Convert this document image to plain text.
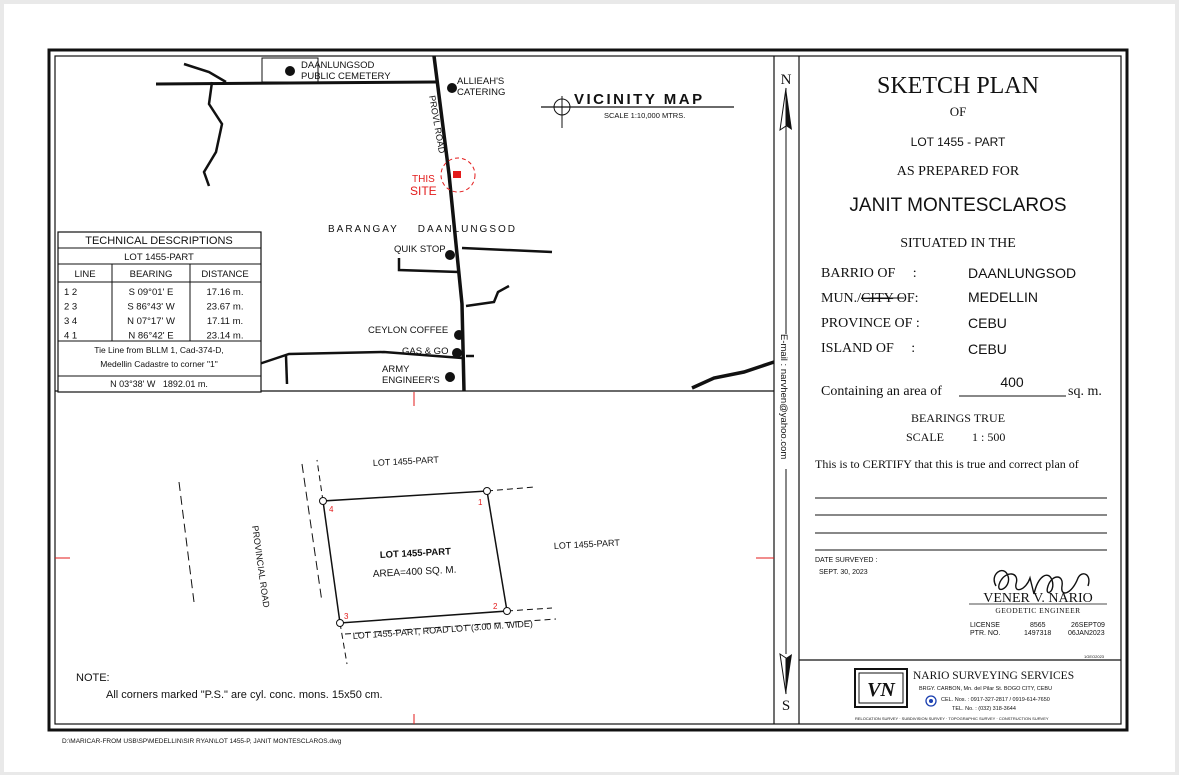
PROVL ROAD
DAANLUNGSOD
PUBLIC CEMETERY	ALLIEAH'S
CATERING
QUIK STOP
CEYLON COFFEE
GAS & GO
ARMY
ENGINEER'S
THIS
SITE
BARANGAY    DAANLUNGSOD
VICINITY MAP
SCALE 1:10,000 MTRS.
TECHNICAL DESCRIPTIONS
LOT 1455-PART
LINE	BEARING	DISTANCE
1 2	S 09°01' E	17.16 m.
2 3	S 86°43' W	23.67 m.
3 4	N 07°17' W	17.11 m.
4 1	N 86°42' E	23.14 m.
Tie Line from BLLM 1, Cad-374-D,
Medellin Cadastre to corner "1"
N 03°38' W   1892.01 m.
PROVINCIAL ROAD
1
2
3
4
LOT 1455-PART
LOT 1455-PART
LOT 1455-PART
AREA=400 SQ. M.
LOT 1455-PART, ROAD LOT (3.00 M. WIDE)
NOTE:
All corners marked "P.S." are cyl. conc. mons. 15x50 cm.
N
E-mail : narvhen@yahoo.com
S
SKETCH PLAN
OF
LOT 1455 - PART
AS PREPARED FOR
JANIT MONTESCLAROS
SITUATED IN THE
BARRIO OF     :	DAANLUNGSOD
MUN./CITY OF:	MEDELLIN
PROVINCE OF :	CEBU
ISLAND OF     :	CEBU
Containing an area of
400
sq. m.
BEARINGS TRUE
SCALE 1 : 500
This is to CERTIFY that this is true and correct plan of
DATE SURVEYED :
SEPT. 30, 2023
VENER V. NARIO
GEODETIC ENGINEER
LICENSE	8565	26SEPT09
PTR. NO.	1497318 06JAN2023
1GEO2023
VN
NARIO SURVEYING SERVICES
BRGY. CARBON, Mn. del Pilar St. BOGO CITY, CEBU
CEL. Nos. : 0917-327-2817 / 0919-614-7650
TEL. No. : (032) 318-3644
RELOCATION SURVEY · SUBDIVISION SURVEY · TOPOGRAPHIC SURVEY · CONSTRUCTION SURVEY
D:\MARICAR-FROM USB\SP\MEDELLIN\SIR RYAN\LOT 1455-P, JANIT MONTESCLAROS.dwg
